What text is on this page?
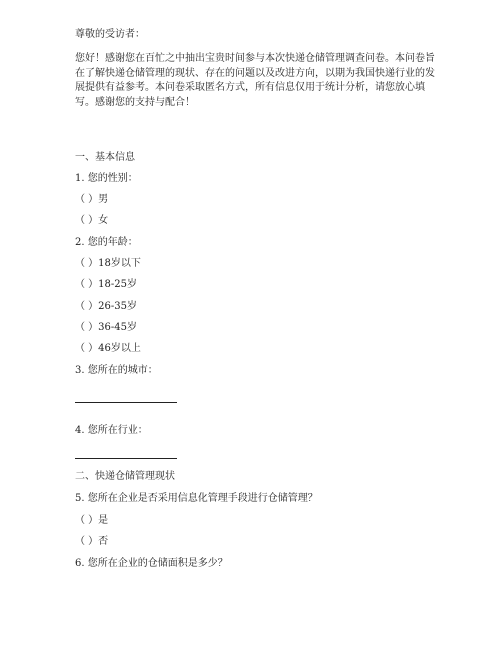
尊敬的受访者：
您好！感谢您在百忙之中抽出宝贵时间参与本次快递仓储管理调查问卷。本问卷旨在了解快递仓储管理的现状、存在的问题以及改进方向，以期为我国快递行业的发展提供有益参考。本问卷采取匿名方式，所有信息仅用于统计分析，请您放心填写。感谢您的支持与配合！
一、基本信息
1. 您的性别：
（ ）男
（ ）女
2. 您的年龄：
（ ）18岁以下
（ ）18-25岁
（ ）26-35岁
（ ）36-45岁
（ ）46岁以上
3. 您所在的城市：
4. 您所在行业：
二、快递仓储管理现状
5. 您所在企业是否采用信息化管理手段进行仓储管理？
（ ）是
（ ）否
6. 您所在企业的仓储面积是多少？
